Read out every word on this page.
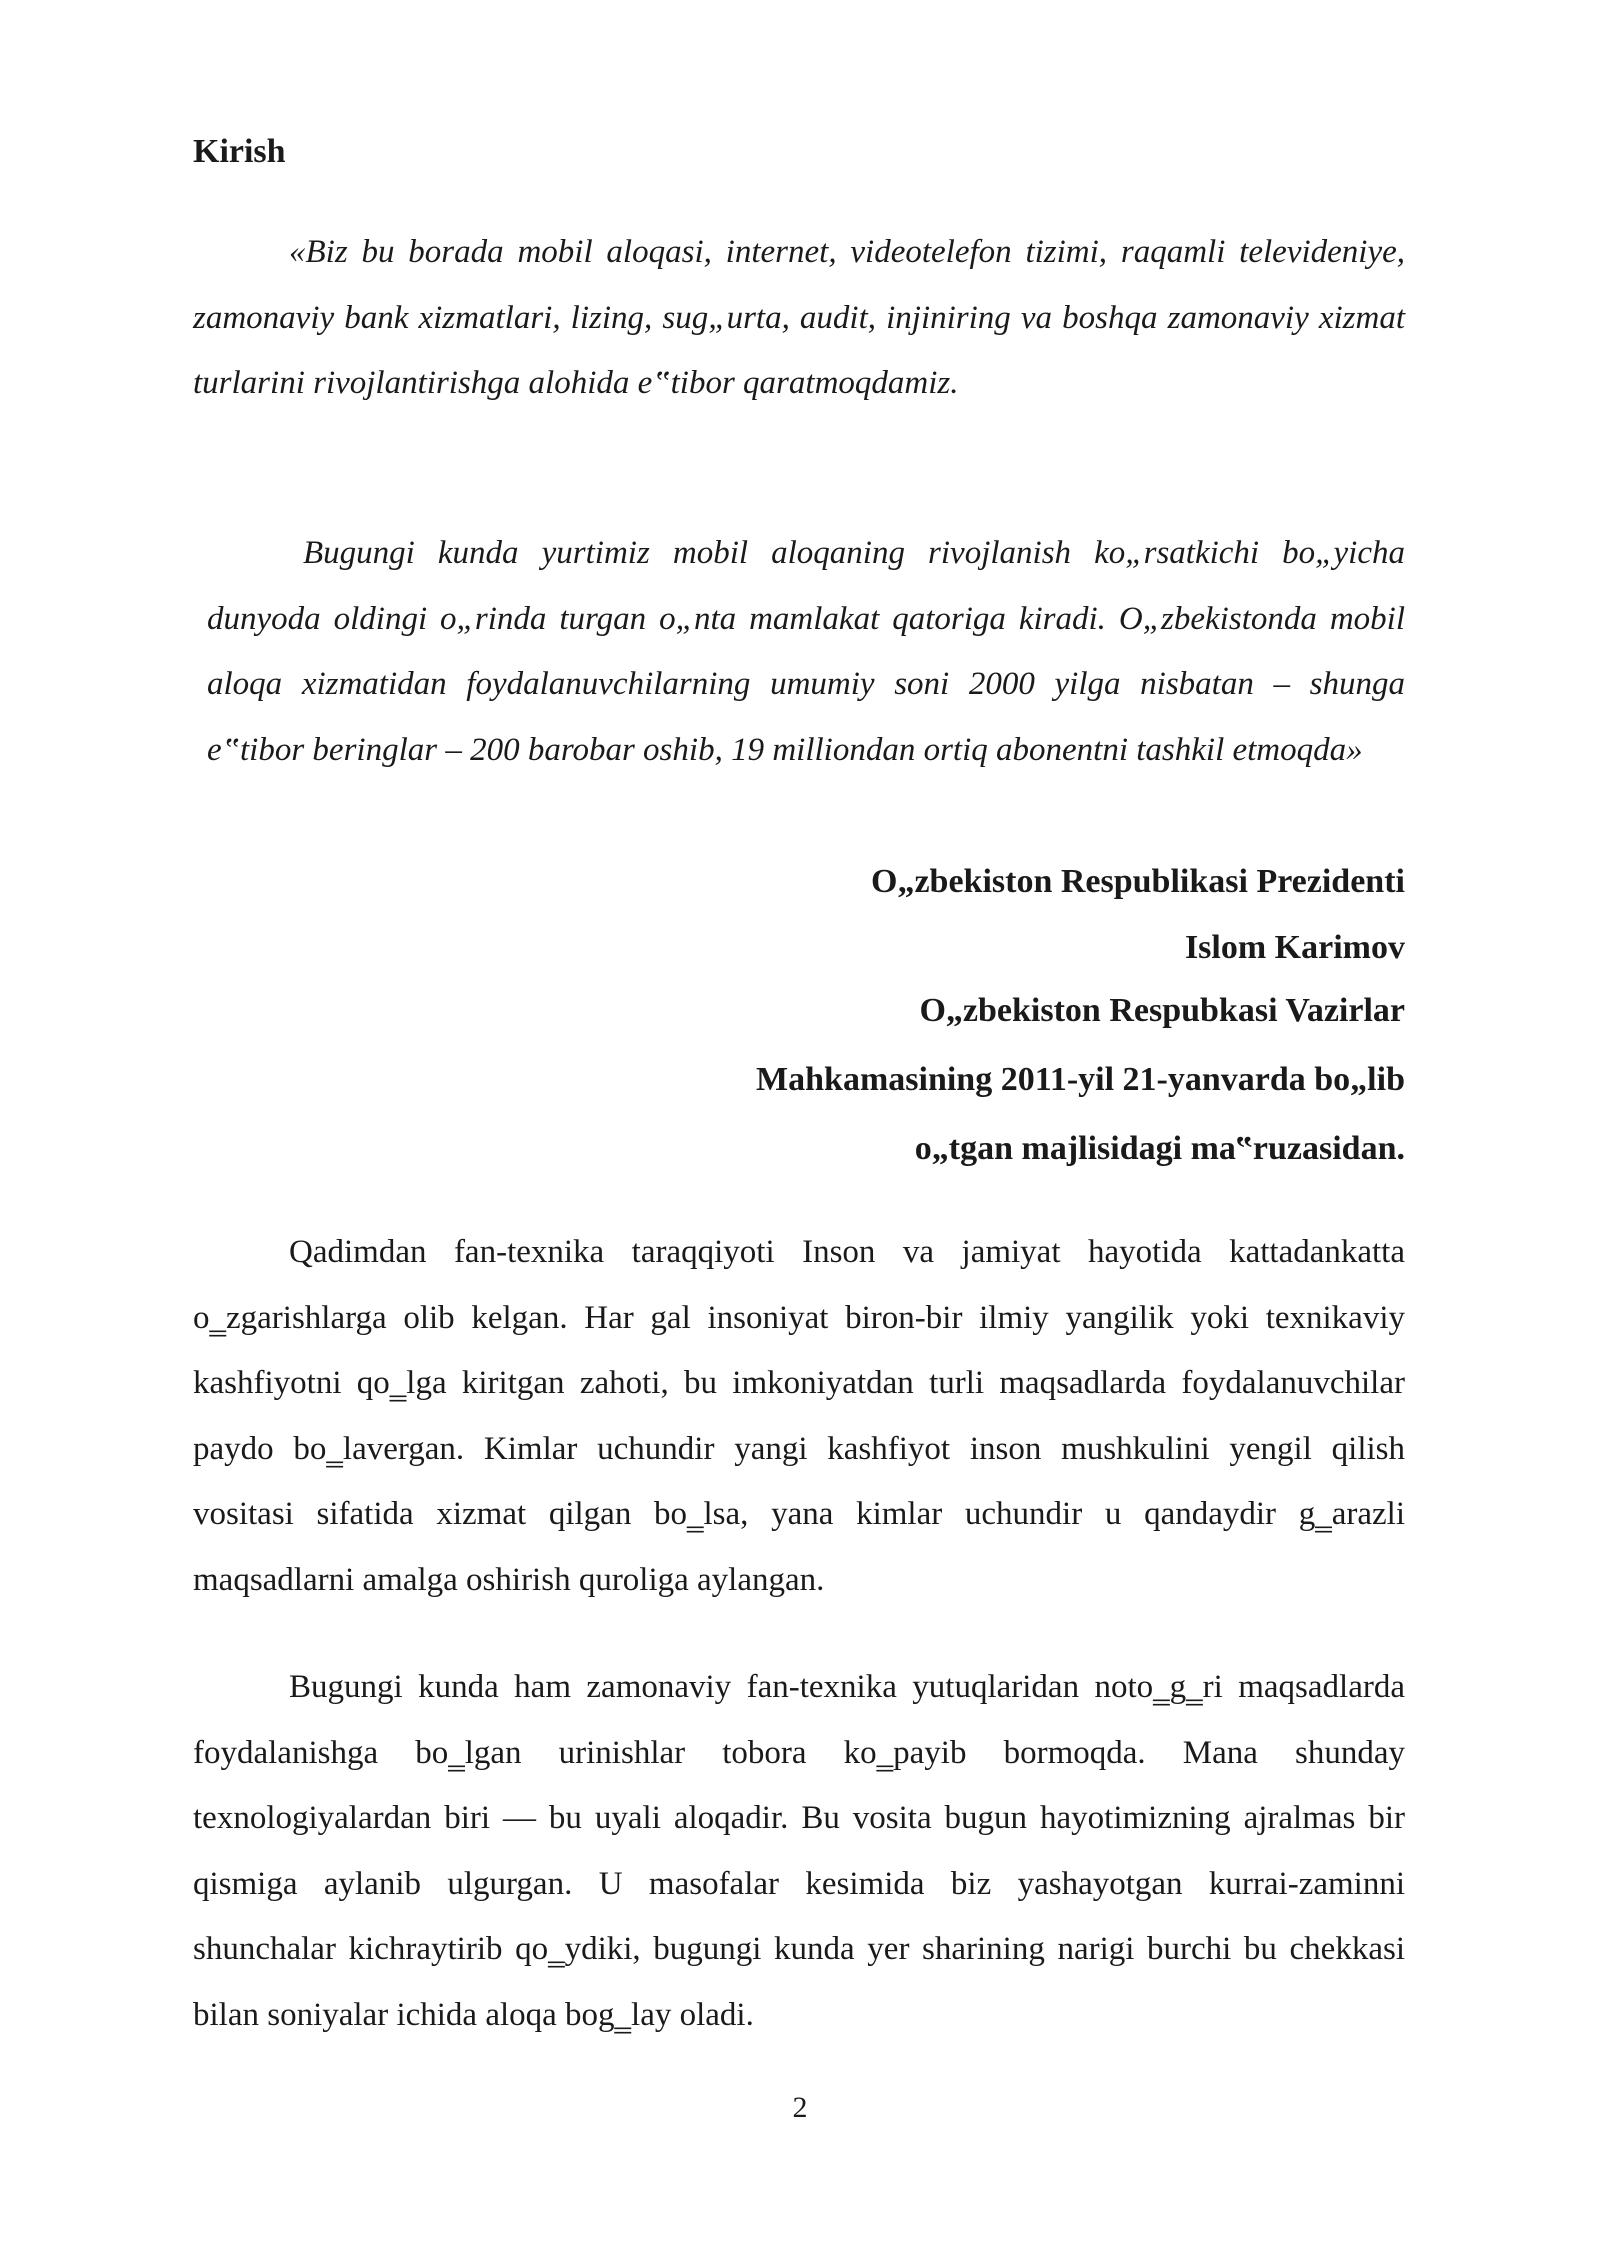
Kirish

«Biz bu borada mobil aloqasi, internet, videotelefon tizimi, raqamli televideniye, zamonaviy bank xizmatlari, lizing, sug„urta, audit, injiniring va boshqa zamonaviy xizmat turlarini rivojlantirishga alohida e‟tibor qaratmoqdamiz.

Bugungi kunda yurtimiz mobil aloqaning rivojlanish ko„rsatkichi bo„yicha dunyoda oldingi o„rinda turgan o„nta mamlakat qatoriga kiradi. O„zbekistonda mobil aloqa xizmatidan foydalanuvchilarning umumiy soni 2000 yilga nisbatan – shunga e‟tibor beringlar – 200 barobar oshib, 19 milliondan ortiq abonentni tashkil etmoqda»

O„zbekiston Respublikasi Prezidenti
Islom Karimov
O„zbekiston Respubkasi Vazirlar
Mahkamasining 2011-yil 21-yanvarda bo„lib
o„tgan majlisidagi ma‟ruzasidan.

Qadimdan fan-texnika taraqqiyoti Inson va jamiyat hayotida kattadankatta o‗zgarishlarga olib kelgan. Har gal insoniyat biron-bir ilmiy yangilik yoki texnikaviy kashfiyotni qo‗lga kiritgan zahoti, bu imkoniyatdan turli maqsadlarda foydalanuvchilar paydo bo‗lavergan. Kimlar uchundir yangi kashfiyot inson mushkulini yengil qilish vositasi sifatida xizmat qilgan bo‗lsa, yana kimlar uchundir u qandaydir g‗arazli maqsadlarni amalga oshirish quroliga aylangan.

Bugungi kunda ham zamonaviy fan-texnika yutuqlaridan noto‗g‗ri maqsadlarda foydalanishga bo‗lgan urinishlar tobora ko‗payib bormoqda. Mana shunday texnologiyalardan biri — bu uyali aloqadir. Bu vosita bugun hayotimizning ajralmas bir qismiga aylanib ulgurgan. U masofalar kesimida biz yashayotgan kurrai-zaminni shunchalar kichraytirib qo‗ydiki, bugungi kunda yer sharining narigi burchi bu chekkasi bilan soniyalar ichida aloqa bog‗lay oladi.

2
